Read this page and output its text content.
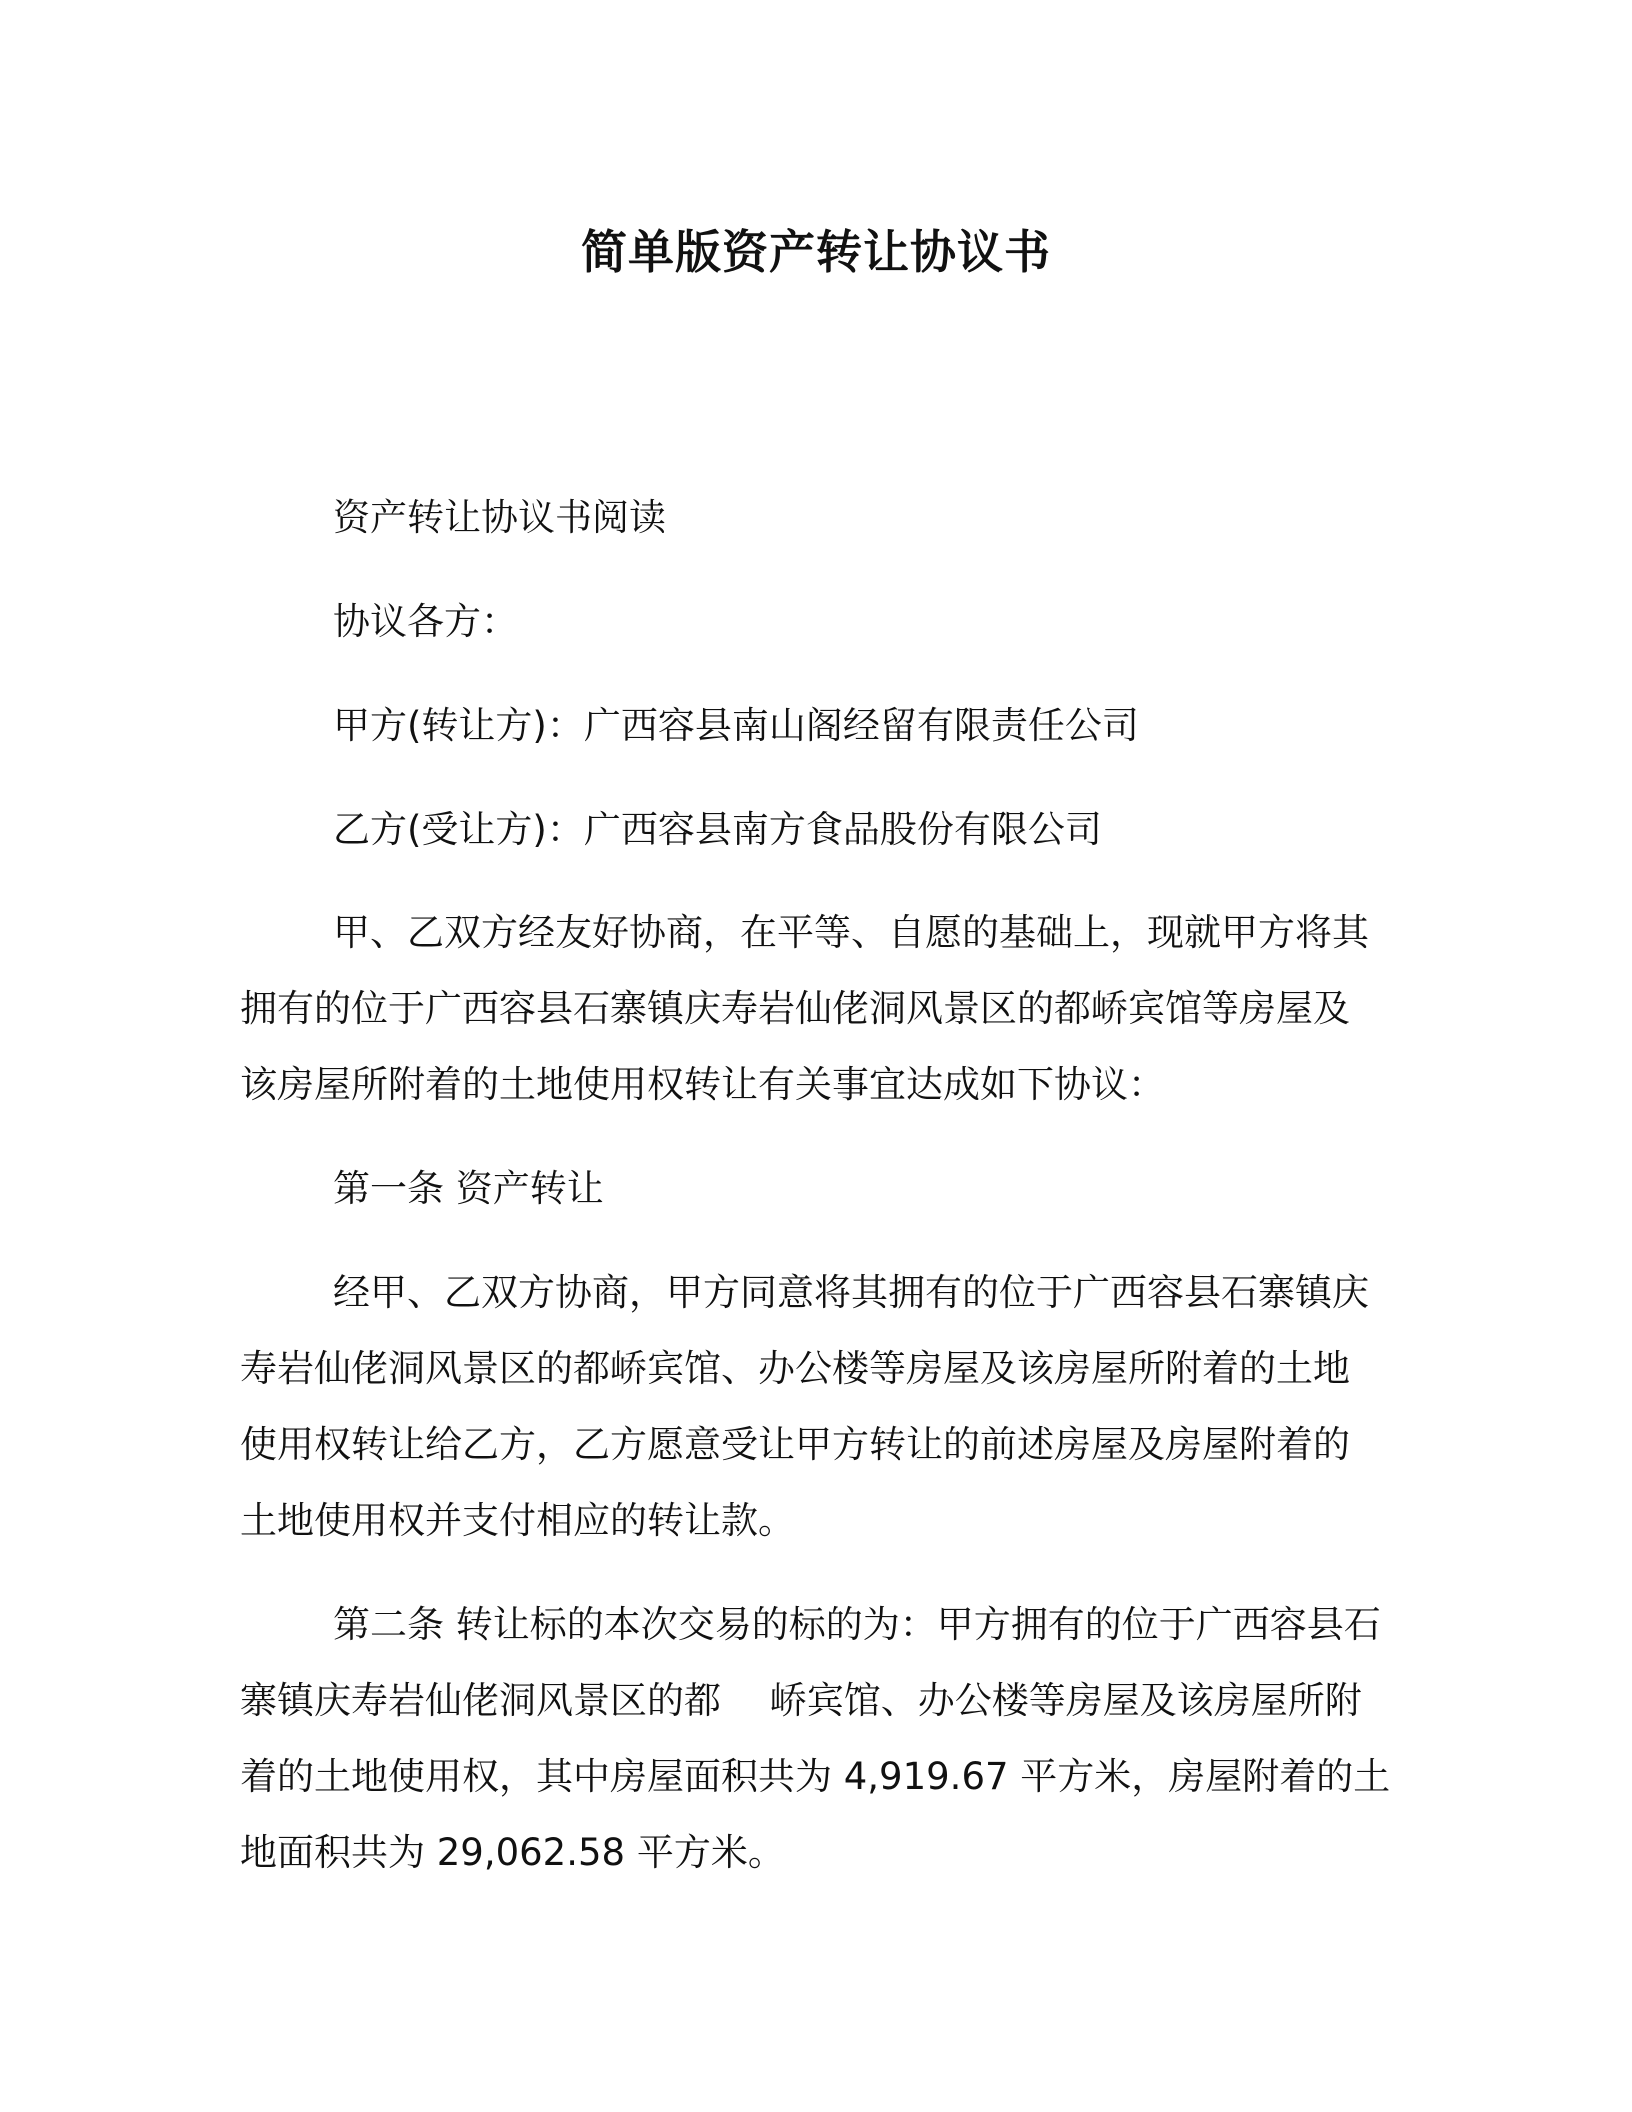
简单版资产转让协议书
资产转让协议书阅读
协议各方：
甲方(转让方)：广西容县南山阁经留有限责任公司
乙方(受让方)：广西容县南方食品股份有限公司
甲、乙双方经友好协商，在平等、自愿的基础上，现就甲方将其
拥有的位于广西容县石寨镇庆寿岩仙佬洞风景区的都峤宾馆等房屋及
该房屋所附着的土地使用权转让有关事宜达成如下协议：
第一条 资产转让
经甲、乙双方协商，甲方同意将其拥有的位于广西容县石寨镇庆
寿岩仙佬洞风景区的都峤宾馆、办公楼等房屋及该房屋所附着的土地
使用权转让给乙方，乙方愿意受让甲方转让的前述房屋及房屋附着的
土地使用权并支付相应的转让款。
第二条 转让标的本次交易的标的为：甲方拥有的位于广西容县石
寨镇庆寿岩仙佬洞风景区的都　 峤宾馆、办公楼等房屋及该房屋所附
着的土地使用权，其中房屋面积共为 4,919.67 平方米，房屋附着的土
地面积共为 29,062.58 平方米。
